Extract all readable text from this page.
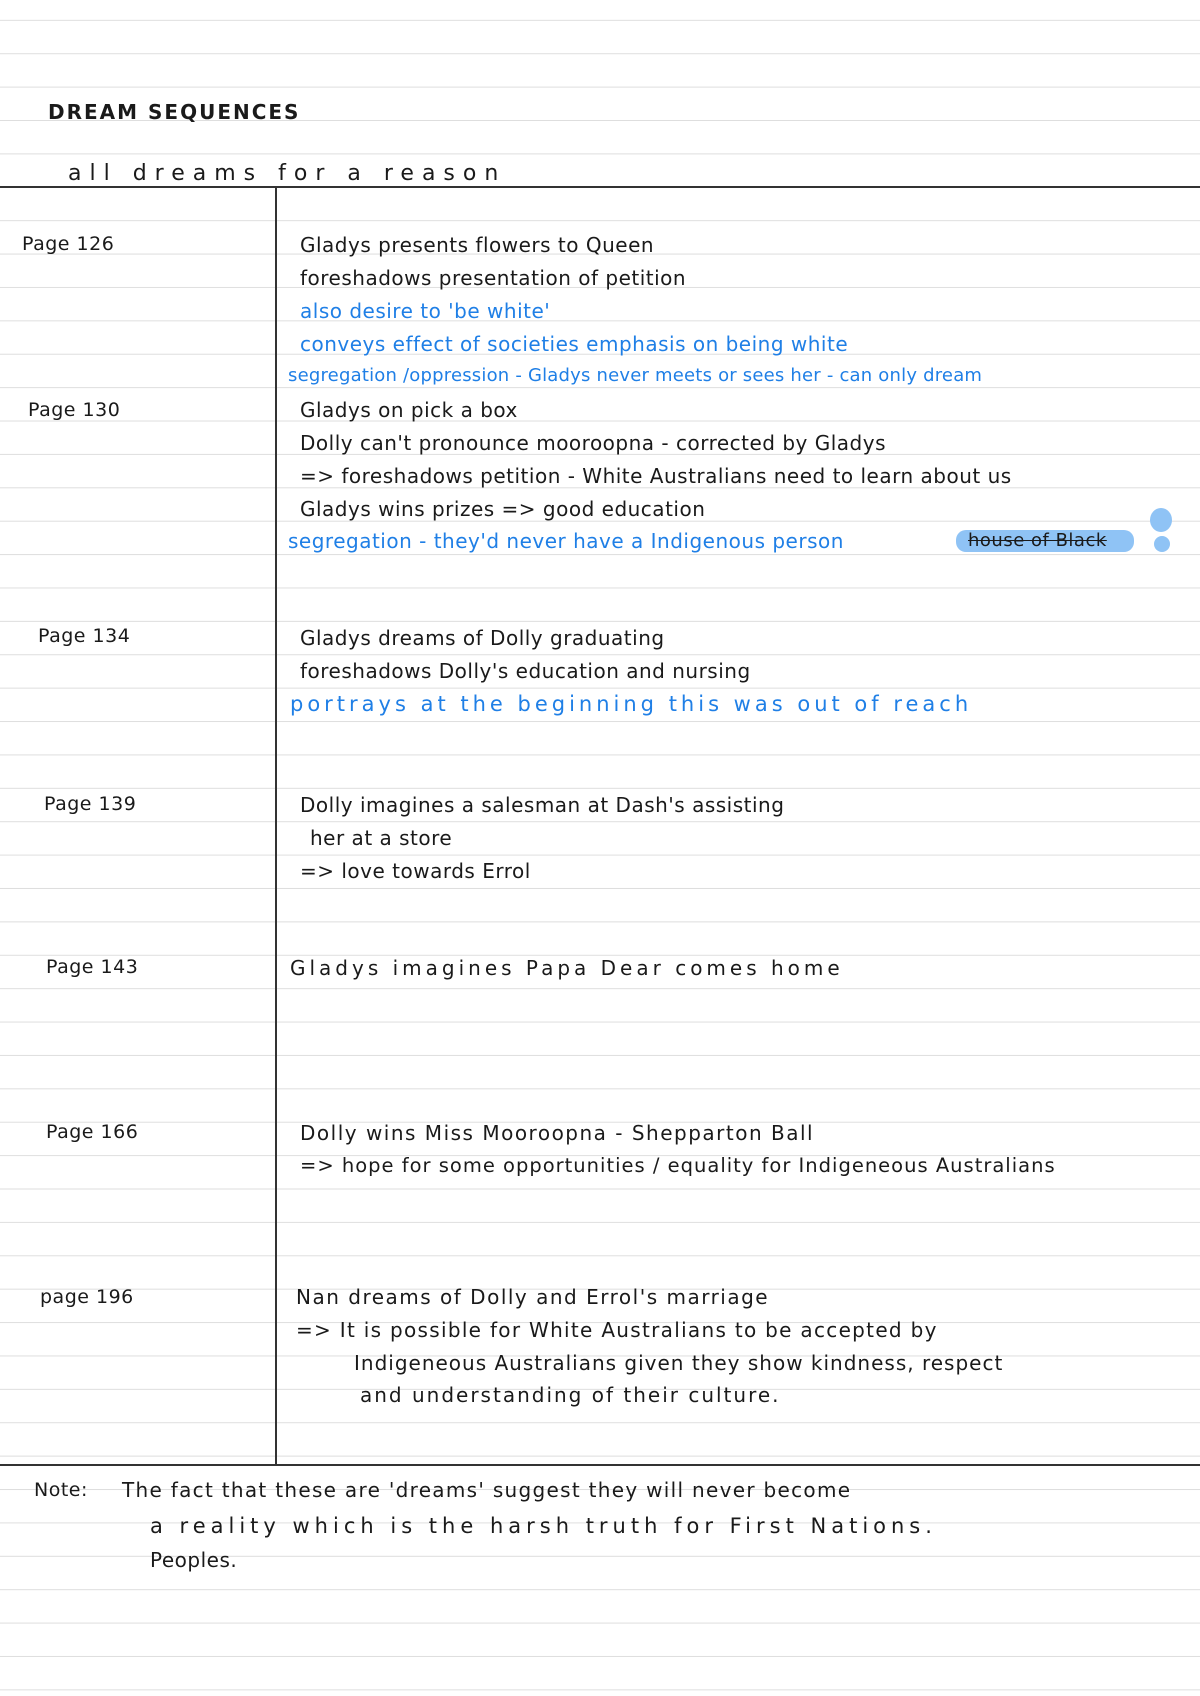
DREAM SEQUENCES
all dreams for a reason
Page 126	Gladys presents flowers to Queen
foreshadows presentation of petition
also desire to 'be white'
conveys effect of societies emphasis on being white
segregation /oppression - Gladys never meets or sees her - can only dream
Page 130	Gladys on pick a box
Dolly can't pronounce mooroopna - corrected by Gladys
=> foreshadows petition - White Australians need to learn about us
Gladys wins prizes => good education
segregation - they'd never have a Indigenous person	house of Black
Page 134	Gladys dreams of Dolly graduating
foreshadows Dolly's education and nursing
portrays at the beginning this was out of reach
Page 139	Dolly imagines a salesman at Dash's assisting
her at a store
=> love towards Errol
Page 143	Gladys imagines Papa Dear comes home
Page 166	Dolly wins Miss Mooroopna - Shepparton Ball
=> hope for some opportunities / equality for Indigeneous Australians
page 196	Nan dreams of Dolly and Errol's marriage
=> It is possible for White Australians to be accepted by
Indigeneous Australians given they show kindness, respect
and understanding of their culture.
Note: The fact that these are 'dreams' suggest they will never become
a reality which is the harsh truth for First Nations.
Peoples.
